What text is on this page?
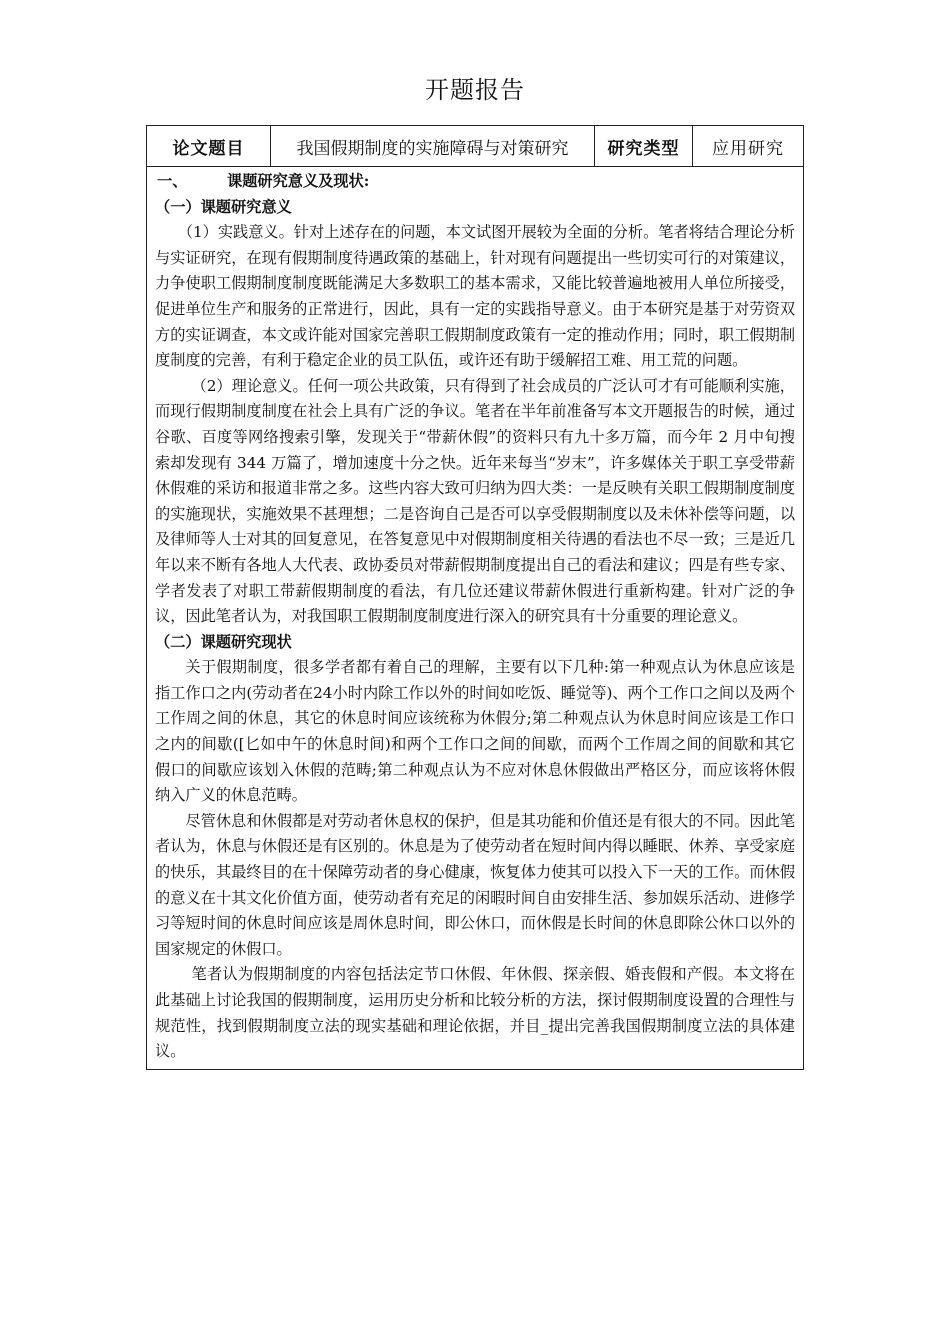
开题报告
论文题目	我国假期制度的实施障碍与对策研究	研究类型	应用研究
一、	课题研究意义及现状:
（一）课题研究意义

（1）实践意义。针对上述存在的问题，本文试图开展较为全面的分析。笔者将结合理论分析与实证研究，在现有假期制度待遇政策的基础上，针对现有问题提出一些切实可行的对策建议，力争使职工假期制度制度既能满足大多数职工的基本需求，又能比较普遍地被用人单位所接受，促进单位生产和服务的正常进行，因此，具有一定的实践指导意义。由于本研究是基于对劳资双方的实证调查，本文或许能对国家完善职工假期制度政策有一定的推动作用；同时，职工假期制度制度的完善，有利于稳定企业的员工队伍，或许还有助于缓解招工难、用工荒的问题。

（2）理论意义。任何一项公共政策，只有得到了社会成员的广泛认可才有可能顺利实施，而现行假期制度制度在社会上具有广泛的争议。笔者在半年前准备写本文开题报告的时候，通过谷歌、百度等网络搜索引擎，发现关于“带薪休假”的资料只有九十多万篇，而今年 2 月中旬搜索却发现有 344 万篇了，增加速度十分之快。近年来每当“岁末”，许多媒体关于职工享受带薪休假难的采访和报道非常之多。这些内容大致可归纳为四大类：一是反映有关职工假期制度制度的实施现状，实施效果不甚理想；二是咨询自己是否可以享受假期制度以及未休补偿等问题，以及律师等人士对其的回复意见，在答复意见中对假期制度相关待遇的看法也不尽一致；三是近几年以来不断有各地人大代表、政协委员对带薪假期制度提出自己的看法和建议；四是有些专家、学者发表了对职工带薪假期制度的看法，有几位还建议带薪休假进行重新构建。针对广泛的争议，因此笔者认为，对我国职工假期制度制度进行深入的研究具有十分重要的理论意义。

（二）课题研究现状

关于假期制度，很多学者都有着自己的理解，主要有以下几种:第一种观点认为休息应该是指工作口之内(劳动者在24小时内除工作以外的时间如吃饭、睡觉等)、两个工作口之间以及两个工作周之间的休息，其它的休息时间应该统称为休假分;第二种观点认为休息时间应该是工作口之内的间歇([匕如中午的休息时间)和两个工作口之间的间歇，而两个工作周之间的间歇和其它假口的间歇应该划入休假的范畴;第二种观点认为不应对休息休假做出严格区分，而应该将休假纳入广义的休息范畴。

尽管休息和休假都是对劳动者休息权的保护，但是其功能和价值还是有很大的不同。因此笔者认为，休息与休假还是有区别的。休息是为了使劳动者在短时间内得以睡眠、休养、享受家庭的快乐，其最终目的在十保障劳动者的身心健康，恢复体力使其可以投入下一天的工作。而休假的意义在十其文化价值方面，使劳动者有充足的闲暇时间自由安排生活、参加娱乐活动、进修学习等短时间的休息时间应该是周休息时间，即公休口，而休假是长时间的休息即除公休口以外的国家规定的休假口。

笔者认为假期制度的内容包括法定节口休假、年休假、探亲假、婚丧假和产假。本文将在此基础上讨论我国的假期制度，运用历史分析和比较分析的方法，探讨假期制度设置的合理性与规范性，找到假期制度立法的现实基础和理论依据，并目_提出完善我国假期制度立法的具体建议。
